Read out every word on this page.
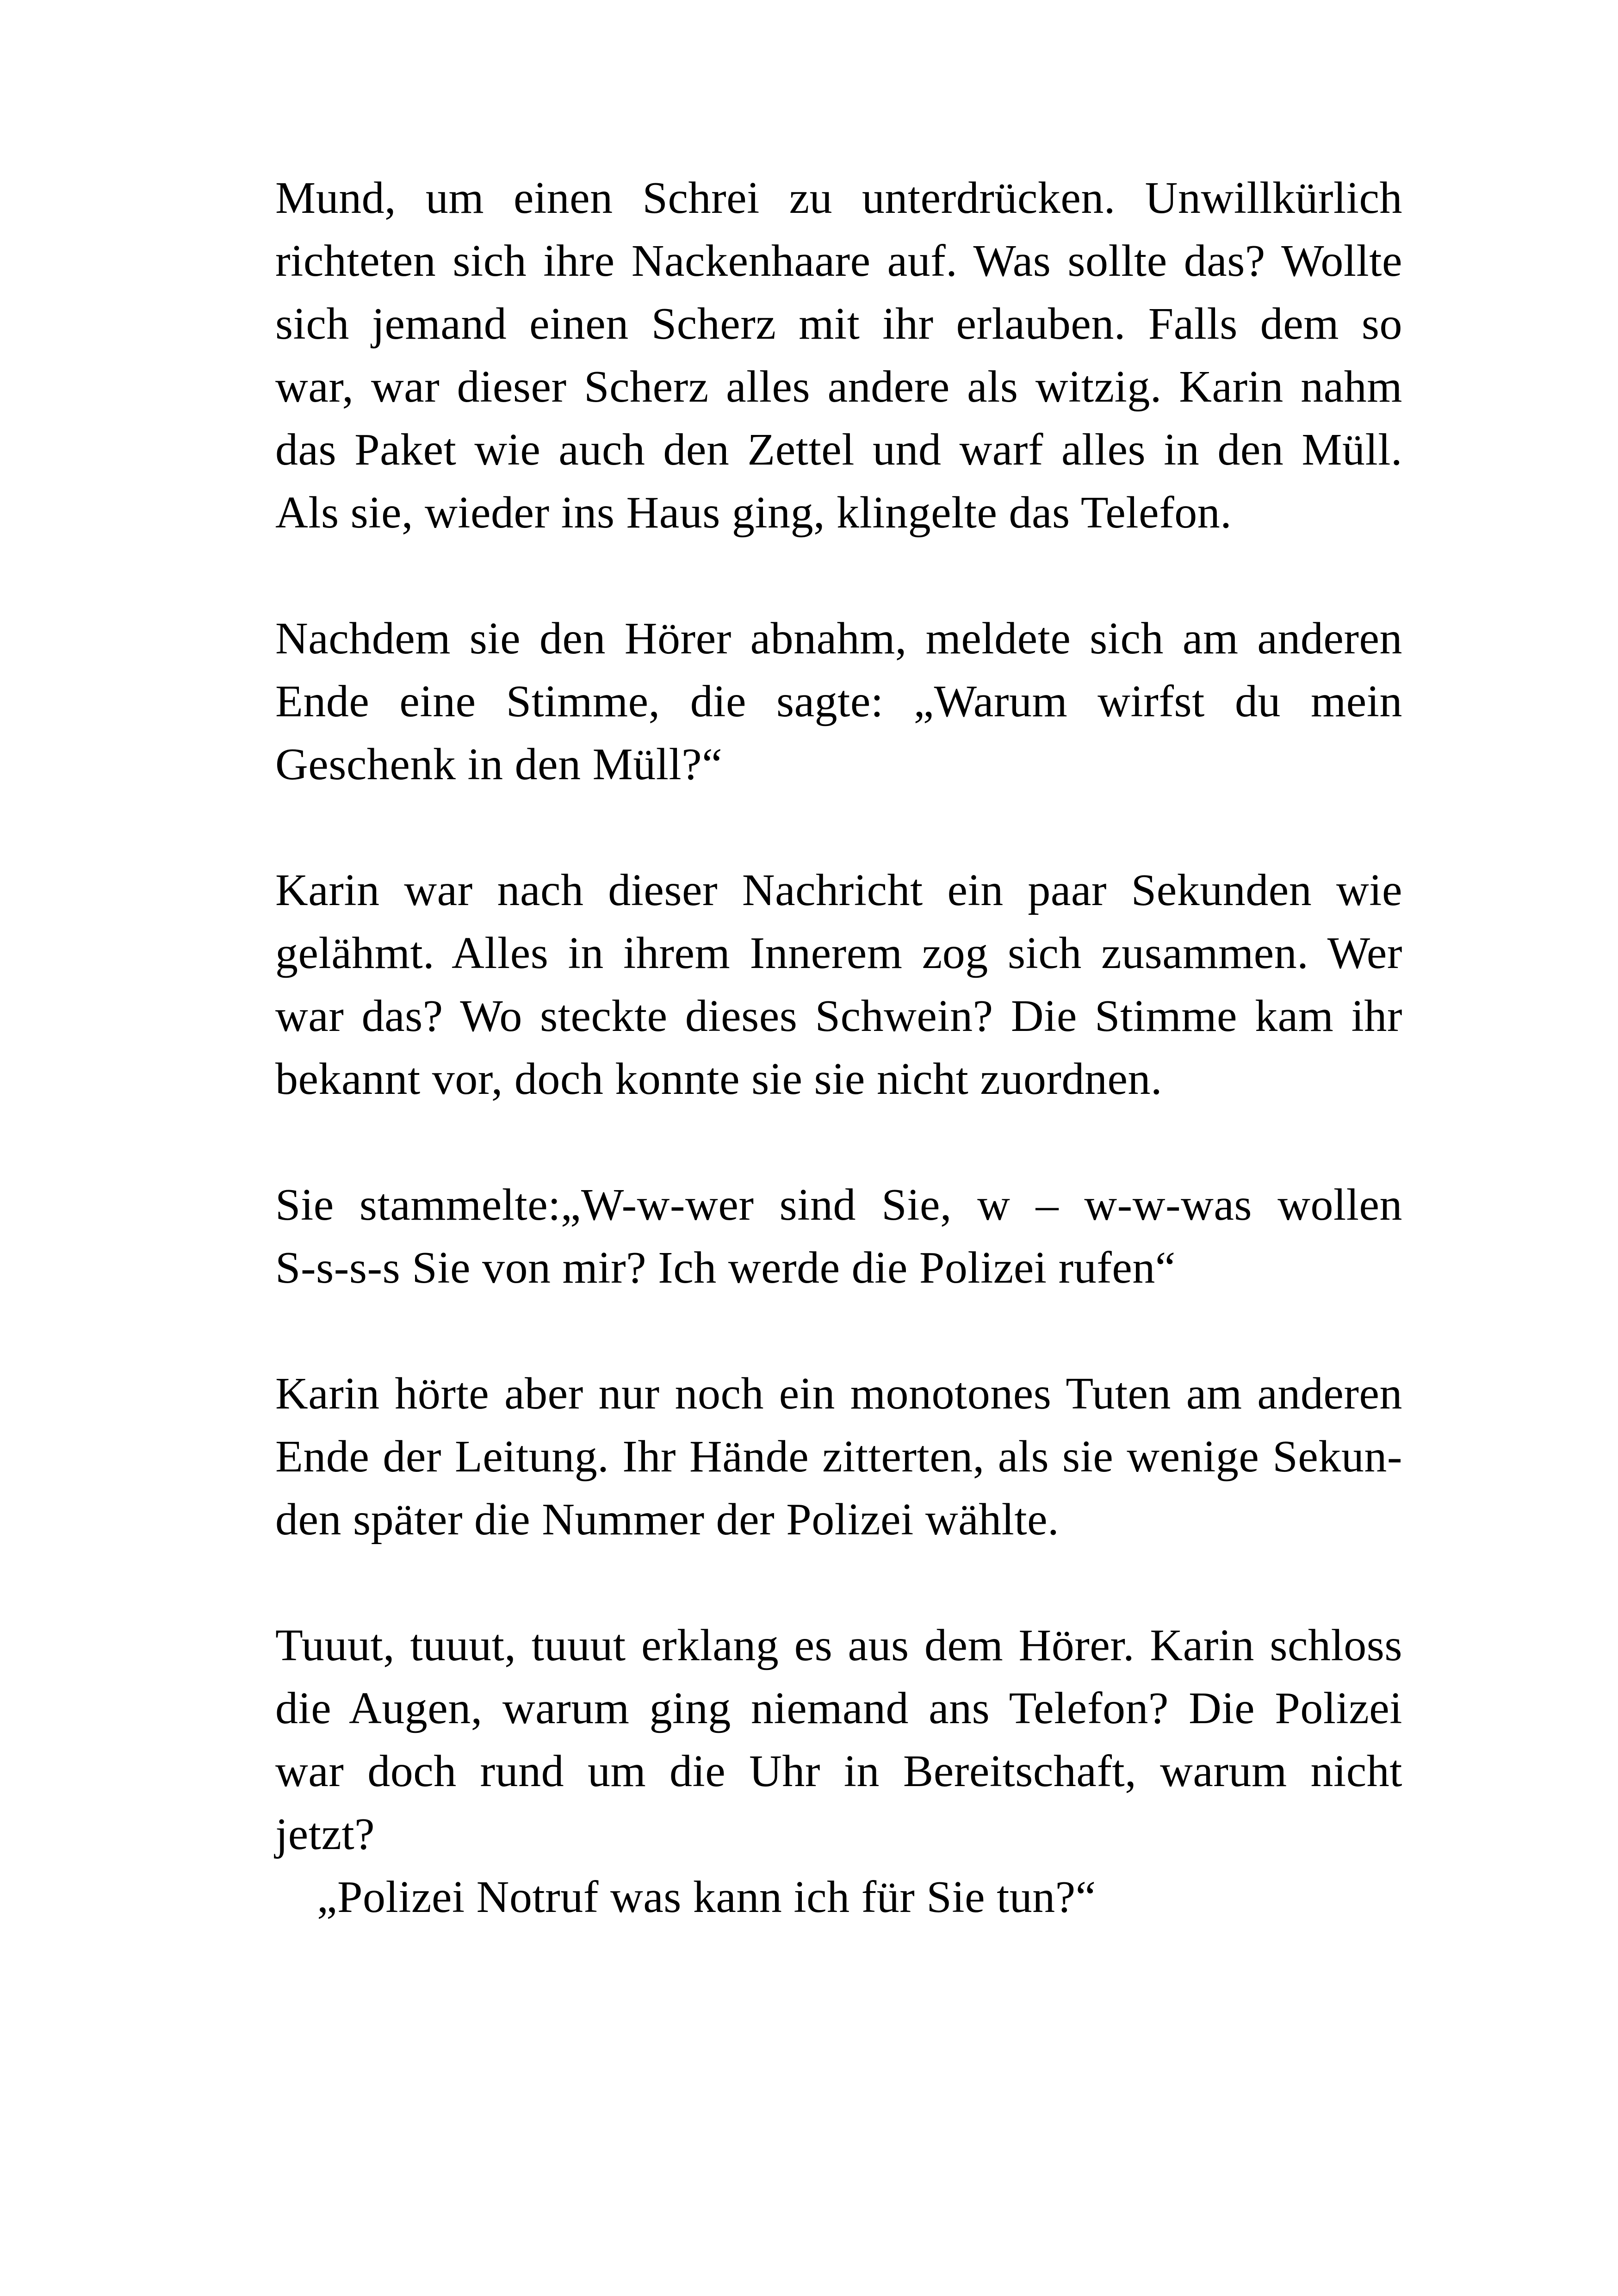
Mund, um einen Schrei zu unterdrücken. Unwillkürlich
richteten sich ihre Nackenhaare auf. Was sollte das? Wollte
sich jemand einen Scherz mit ihr erlauben. Falls dem so
war, war dieser Scherz alles andere als witzig. Karin nahm
das Paket wie auch den Zettel und warf alles in den Müll.
Als sie, wieder ins Haus ging, klingelte das Telefon.

Nachdem sie den Hörer abnahm, meldete sich am anderen
Ende eine Stimme, die sagte: „Warum wirfst du mein
Geschenk in den Müll?“

Karin war nach dieser Nachricht ein paar Sekunden wie
gelähmt. Alles in ihrem Innerem zog sich zusammen. Wer
war das? Wo steckte dieses Schwein? Die Stimme kam ihr
bekannt vor, doch konnte sie sie nicht zuordnen.

Sie stammelte:„W-w-wer sind Sie, w – w-w-was wollen
S-s-s-s Sie von mir? Ich werde die Polizei rufen“

Karin hörte aber nur noch ein monotones Tuten am anderen
Ende der Leitung. Ihr Hände zitterten, als sie wenige Sekun-
den später die Nummer der Polizei wählte.

Tuuut, tuuut, tuuut erklang es aus dem Hörer. Karin schloss
die Augen, warum ging niemand ans Telefon? Die Polizei
war doch rund um die Uhr in Bereitschaft, warum nicht
jetzt?

„Polizei Notruf was kann ich für Sie tun?“
